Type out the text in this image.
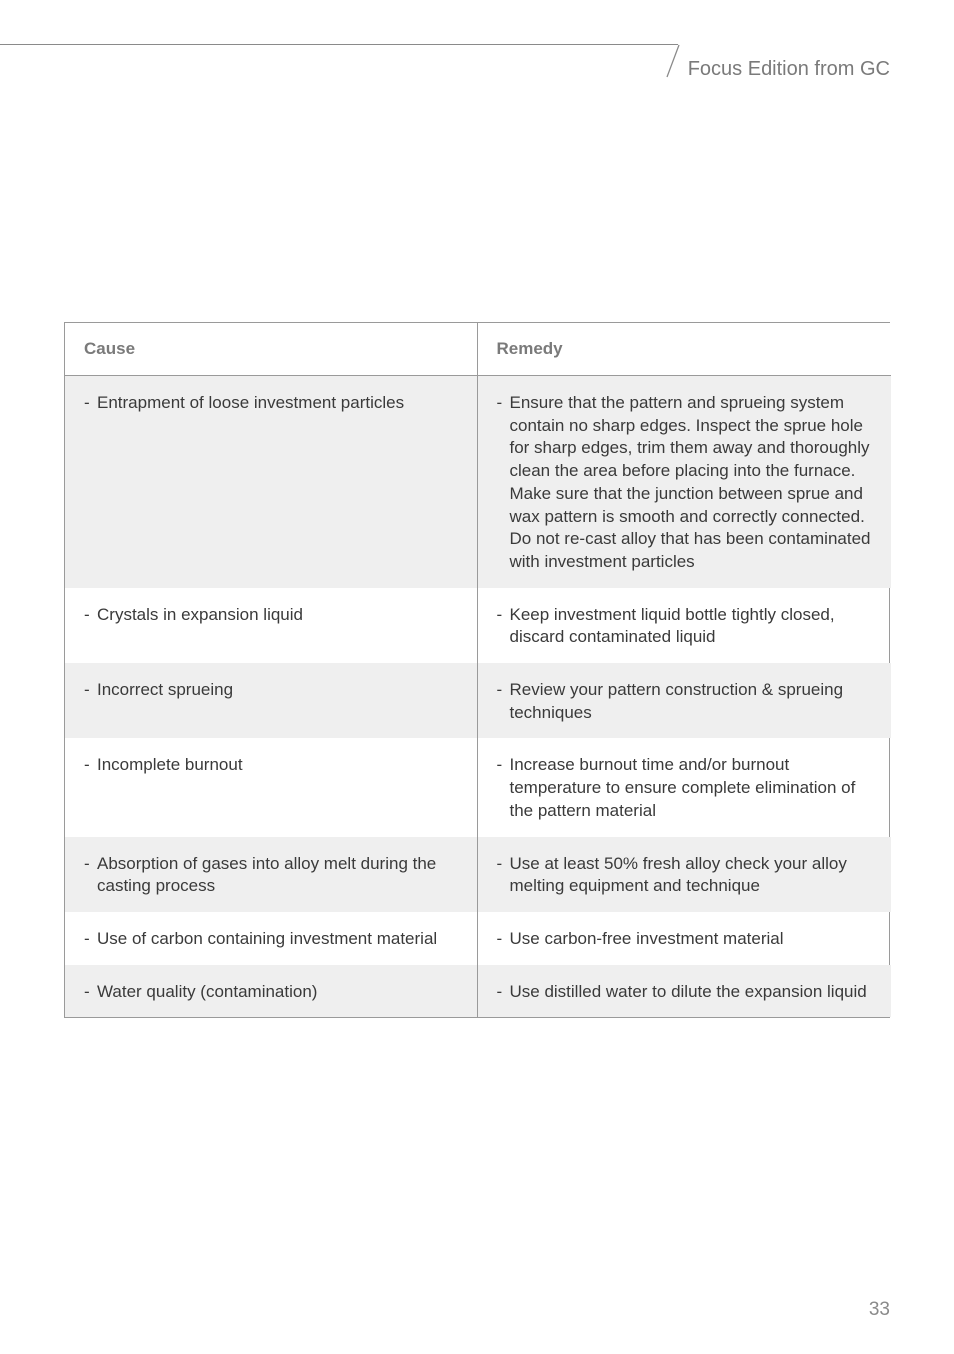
Focus Edition from GC
Cause	Remedy

- Entrapment of loose investment particles	- Ensure that the pattern and sprueing system contain no sharp edges. Inspect the sprue hole for sharp edges, trim them away and thoroughly clean the area before placing into the furnace.
Make sure that the junction between sprue and wax pattern is smooth and correctly connected. Do not re-cast alloy that has been contaminated with investment particles

- Crystals in expansion liquid	- Keep investment liquid bottle tightly closed, discard contaminated liquid

- Incorrect sprueing	- Review your pattern construction & sprueing techniques

- Incomplete burnout	- Increase burnout time and/or burnout temperature to ensure complete elimination of the pattern material

- Absorption of gases into alloy melt during the casting process	- Use at least 50% fresh alloy check your alloy melting equipment and technique

- Use of carbon containing investment material	- Use carbon-free investment material

- Water quality (contamination)	- Use distilled water to dilute the expansion liquid
33
